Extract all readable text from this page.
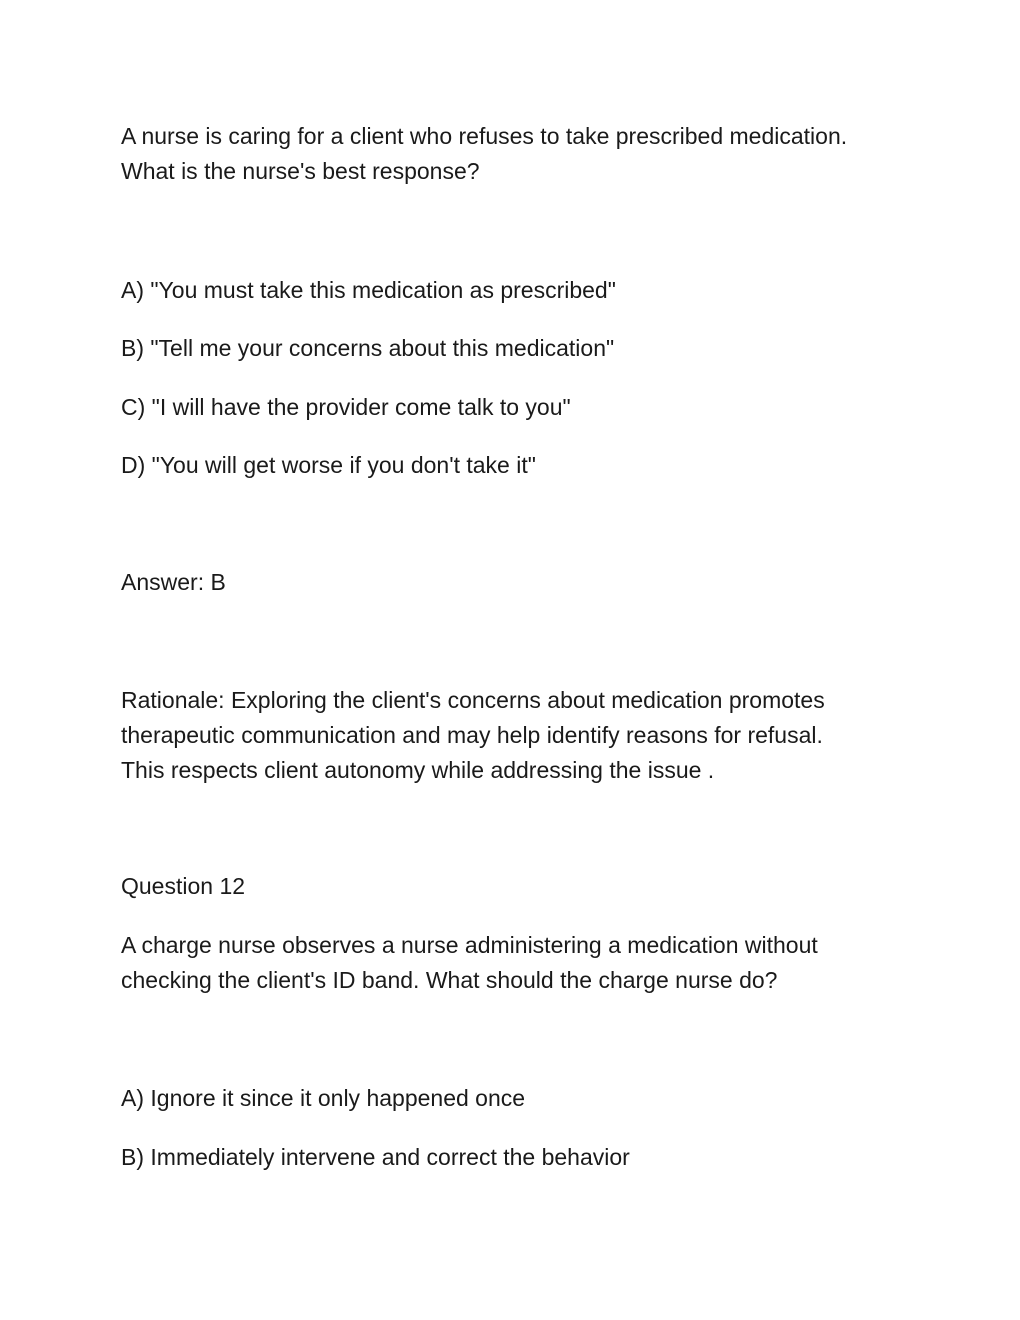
A nurse is caring for a client who refuses to take prescribed medication.
What is the nurse's best response?

A) "You must take this medication as prescribed"

B) "Tell me your concerns about this medication"

C) "I will have the provider come talk to you"

D) "You will get worse if you don't take it"

Answer: B

Rationale: Exploring the client's concerns about medication promotes
therapeutic communication and may help identify reasons for refusal.
This respects client autonomy while addressing the issue .

Question 12

A charge nurse observes a nurse administering a medication without
checking the client's ID band. What should the charge nurse do?

A) Ignore it since it only happened once

B) Immediately intervene and correct the behavior
